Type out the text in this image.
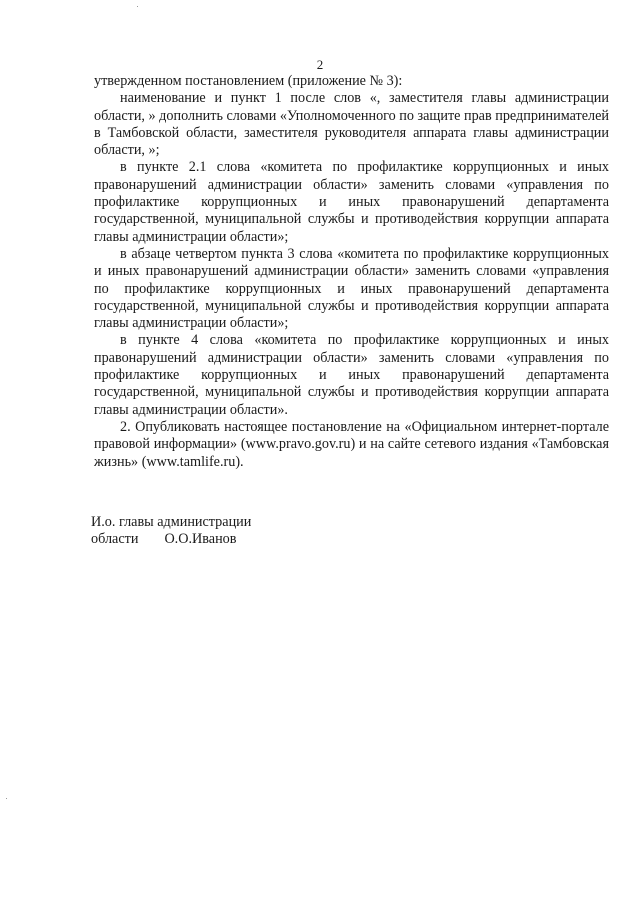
2

утвержденном постановлением (приложение № 3):

наименование и пункт 1 после слов «, заместителя главы администрации области, » дополнить словами «Уполномоченного по защите прав предпринимателей в Тамбовской области, заместителя руководителя аппарата главы администрации области, »;

в пункте 2.1 слова «комитета по профилактике коррупционных и иных правонарушений администрации области» заменить словами «управления по профилактике коррупционных и иных правонарушений департамента государственной, муниципальной службы и противодействия коррупции аппарата главы администрации области»;

в абзаце четвертом пункта 3 слова «комитета по профилактике коррупционных и иных правонарушений администрации области» заменить словами «управления по профилактике коррупционных и иных правонарушений департамента государственной, муниципальной службы и противодействия коррупции аппарата главы администрации области»;

в пункте 4 слова «комитета по профилактике коррупционных и иных правонарушений администрации области» заменить словами «управления по профилактике коррупционных и иных правонарушений департамента государственной, муниципальной службы и противодействия коррупции аппарата главы администрации области».

2. Опубликовать настоящее постановление на «Официальном интернет-портале правовой информации» (www.pravo.gov.ru) и на сайте сетевого издания «Тамбовская жизнь» (www.tamlife.ru).

И.о. главы администрации
области О.О.Иванов
